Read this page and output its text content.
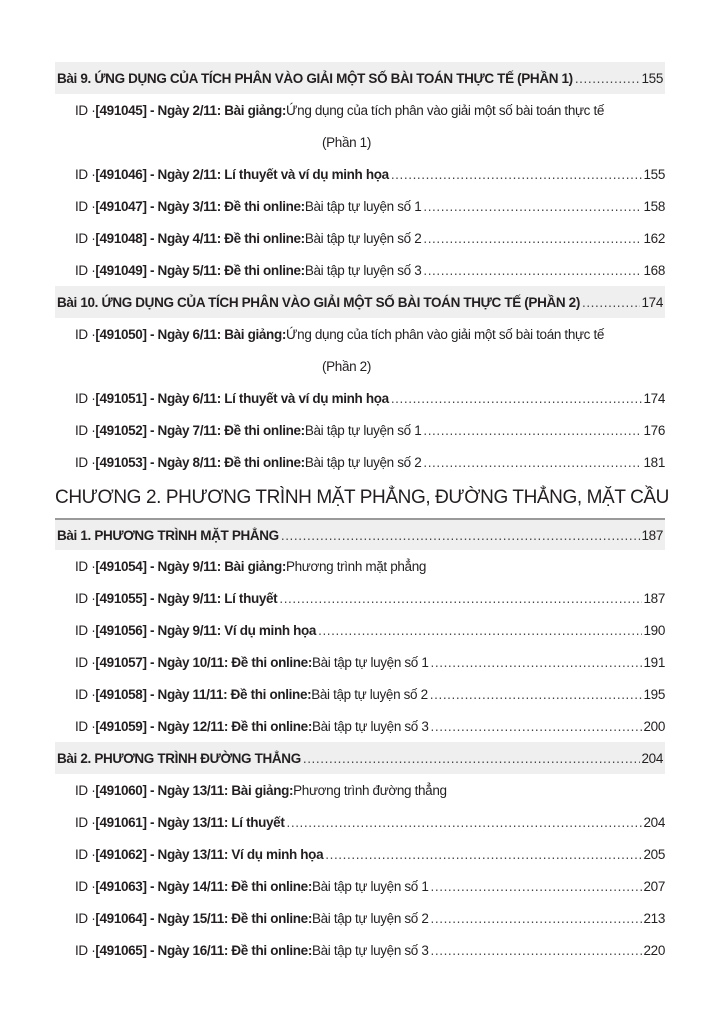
Bài 9. ỨNG DỤNG CỦA TÍCH PHÂN VÀO GIẢI MỘT SỐ BÀI TOÁN THỰC TẾ (PHẦN 1) .....	155
ID · [491045] - Ngày 2/11: Bài giảng: Ứng dụng của tích phân vào giải một số bài toán thực tế
(Phần 1)
ID · [491046] - Ngày 2/11: Lí thuyết và ví dụ minh họa .....	155
ID · [491047] - Ngày 3/11: Đề thi online: Bài tập tự luyện số 1 .....	158
ID · [491048] - Ngày 4/11: Đề thi online: Bài tập tự luyện số 2 .....	162
ID · [491049] - Ngày 5/11: Đề thi online: Bài tập tự luyện số 3 .....	168
Bài 10. ỨNG DỤNG CỦA TÍCH PHÂN VÀO GIẢI MỘT SỐ BÀI TOÁN THỰC TẾ (PHẦN 2) .....	174
ID · [491050] - Ngày 6/11: Bài giảng: Ứng dụng của tích phân vào giải một số bài toán thực tế
(Phần 2)
ID · [491051] - Ngày 6/11: Lí thuyết và ví dụ minh họa .....	174
ID · [491052] - Ngày 7/11: Đề thi online: Bài tập tự luyện số 1 .....	176
ID · [491053] - Ngày 8/11: Đề thi online: Bài tập tự luyện số 2 .....	181
CHƯƠNG 2. PHƯƠNG TRÌNH MẶT PHẲNG, ĐƯỜNG THẲNG, MẶT CẦU
Bài 1. PHƯƠNG TRÌNH MẶT PHẲNG .....	187
ID · [491054] - Ngày 9/11: Bài giảng: Phương trình mặt phẳng
ID · [491055] - Ngày 9/11: Lí thuyết .....	187
ID · [491056] - Ngày 9/11: Ví dụ minh họa .....	190
ID · [491057] - Ngày 10/11: Đề thi online: Bài tập tự luyện số 1 .....	191
ID · [491058] - Ngày 11/11: Đề thi online: Bài tập tự luyện số 2 .....	195
ID · [491059] - Ngày 12/11: Đề thi online: Bài tập tự luyện số 3 .....	200
Bài 2. PHƯƠNG TRÌNH ĐƯỜNG THẲNG .....	204
ID · [491060] - Ngày 13/11: Bài giảng: Phương trình đường thẳng
ID · [491061] - Ngày 13/11: Lí thuyết .....	204
ID · [491062] - Ngày 13/11: Ví dụ minh họa .....	205
ID · [491063] - Ngày 14/11: Đề thi online: Bài tập tự luyện số 1 .....	207
ID · [491064] - Ngày 15/11: Đề thi online: Bài tập tự luyện số 2 .....	213
ID · [491065] - Ngày 16/11: Đề thi online: Bài tập tự luyện số 3 .....	220
